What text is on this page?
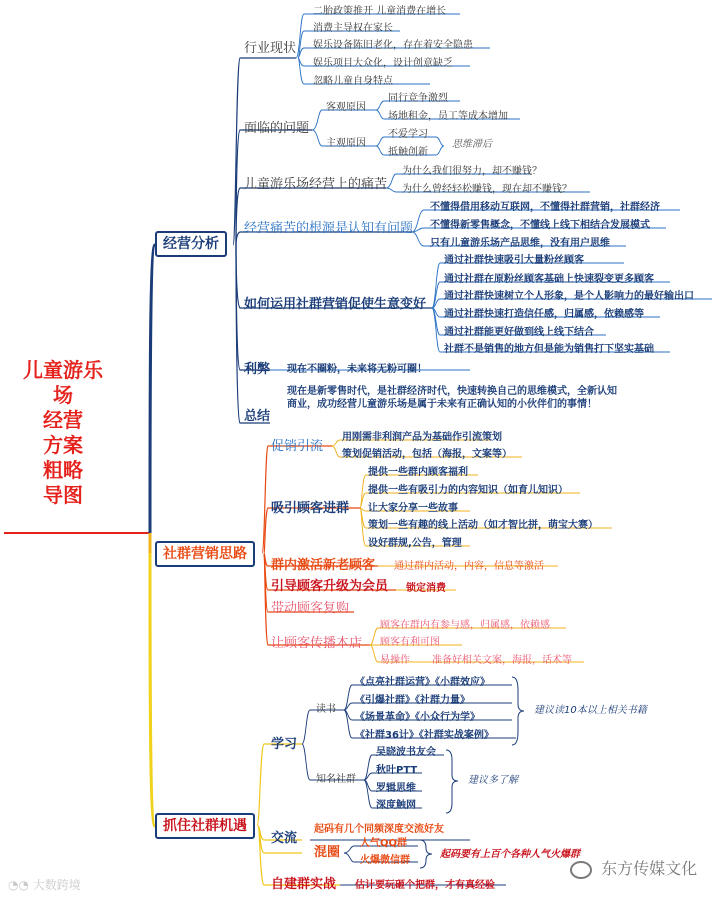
儿童游乐场
经营
方案
粗略
导图
经营分析
社群营销思路
抓住社群机遇
行业现状
二胎政策推开 儿童消费在增长
消费主导权在家长
娱乐设备陈旧老化，存在着安全隐患
娱乐项目大众化，设计创意缺乏
忽略儿童自身特点
面临的问题
客观原因
同行竞争激烈
场地租金，员工等成本增加
主观原因
不爱学习
抵触创新
思维滞后
儿童游乐场经营上的痛苦
为什么我们很努力，却不赚钱？
为什么曾经轻松赚钱，现在却不赚钱？
经营痛苦的根源是认知有问题
不懂得借用移动互联网，不懂得社群营销，社群经济
不懂得新零售概念，不懂线上线下相结合发展模式
只有儿童游乐场产品思维，没有用户思维
如何运用社群营销促使生意变好
通过社群快速吸引大量粉丝顾客
通过社群在原粉丝顾客基础上快速裂变更多顾客
通过社群快速树立个人形象，是个人影响力的最好输出口
通过社群快速打造信任感，归属感，依赖感等
通过社群能更好做到线上线下结合
社群不是销售的地方但是能为销售打下坚实基础
利弊 现在不圈粉，未来将无粉可圈！
总结
现在是新零售时代，是社群经济时代，快速转换自己的思维模式，全新认知商业，成功经营儿童游乐场是属于未来有正确认知的小伙伴们的事情！
促销引流
用刚需非利润产品为基础作引流策划
策划促销活动，包括（海报，文案等）
吸引顾客进群
提供一些群内顾客福利
提供一些有吸引力的内容知识（如育儿知识）
让大家分享一些故事
策划一些有趣的线上活动（如才智比拼，萌宝大赛）
设好群规,公告，管理
群内激活新老顾客 通过群内活动，内容，信息等激活
引导顾客升级为会员 锁定消费
带动顾客复购
让顾客传播本店
顾客在群内有参与感，归属感，依赖感
顾客有利可图
易操作 准备好相关文案，海报，话术等
学习
读书
《点亮社群运营》《小群效应》
《引爆社群》《社群力量》
《场景革命》《小众行为学》
《社群36计》《社群实战案例》
建议读10本以上相关书籍
知名社群
吴晓波书友会
秋叶PTT
罗辑思维
深度触网
建议多了解
交流
起码有几个同频深度交流好友
混圈
人气QQ群
火爆微信群
起码要有上百个各种人气火爆群
自建群实战 估计要玩砸个把群，才有真经验
◔◔ 大数跨境
东方传媒文化
